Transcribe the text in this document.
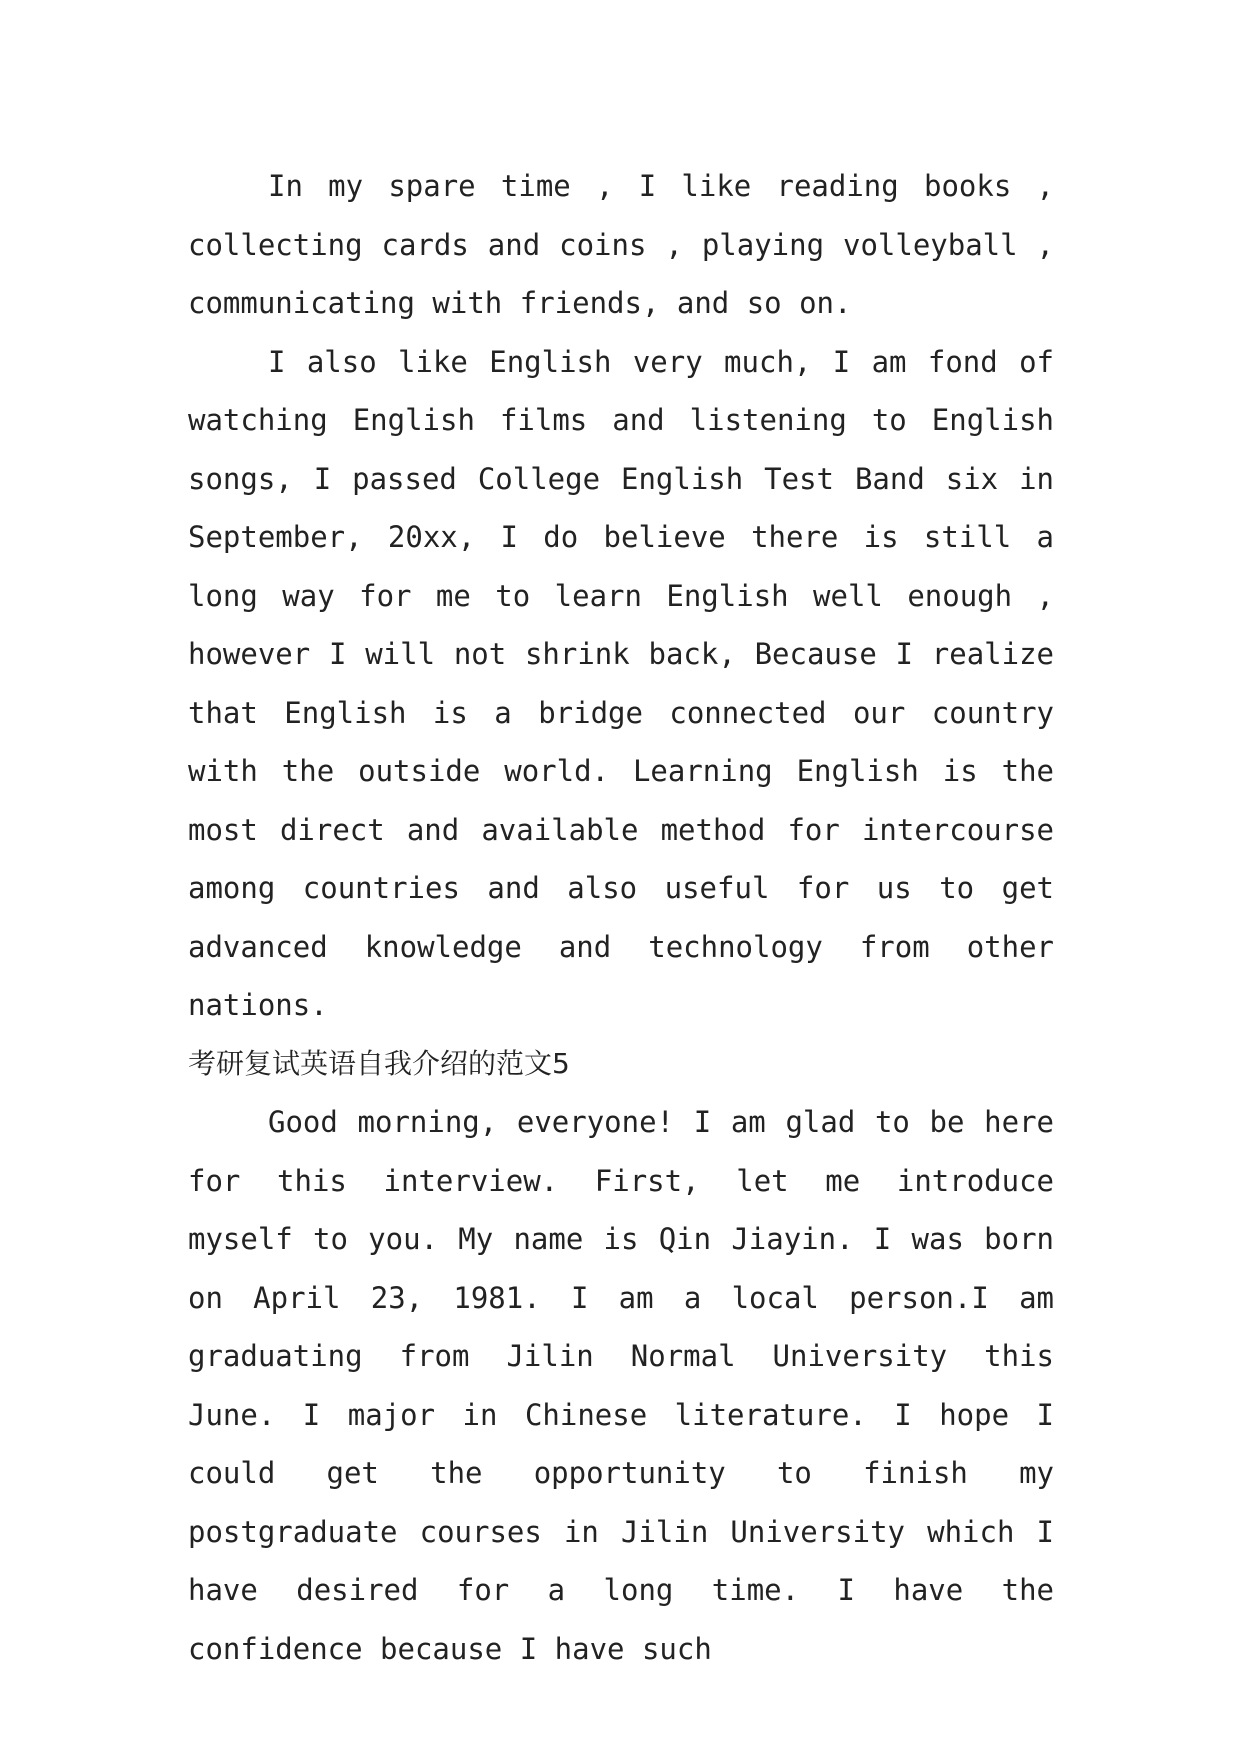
In my spare time , I like reading books , collecting cards and coins , playing volleyball , communicating with friends, and so on.

I also like English very much, I am fond of watching English films and listening to English songs, I passed College English Test Band six in September, 20xx, I do believe there is still a long way for me to learn English well enough , however I will not shrink back, Because I realize that English is a bridge connected our country with the outside world. Learning English is the most direct and available method for intercourse among countries and also useful for us to get advanced knowledge and technology from other nations.

考研复试英语自我介绍的范文5

Good morning, everyone! I am glad to be here for this interview. First, let me introduce myself to you. My name is Qin Jiayin. I was born on April 23, 1981. I am a local person.I am graduating from Jilin Normal University this June. I major in Chinese literature. I hope I could get the opportunity to finish my postgraduate courses in Jilin University which I have desired for a long time. I have the confidence because I have such
